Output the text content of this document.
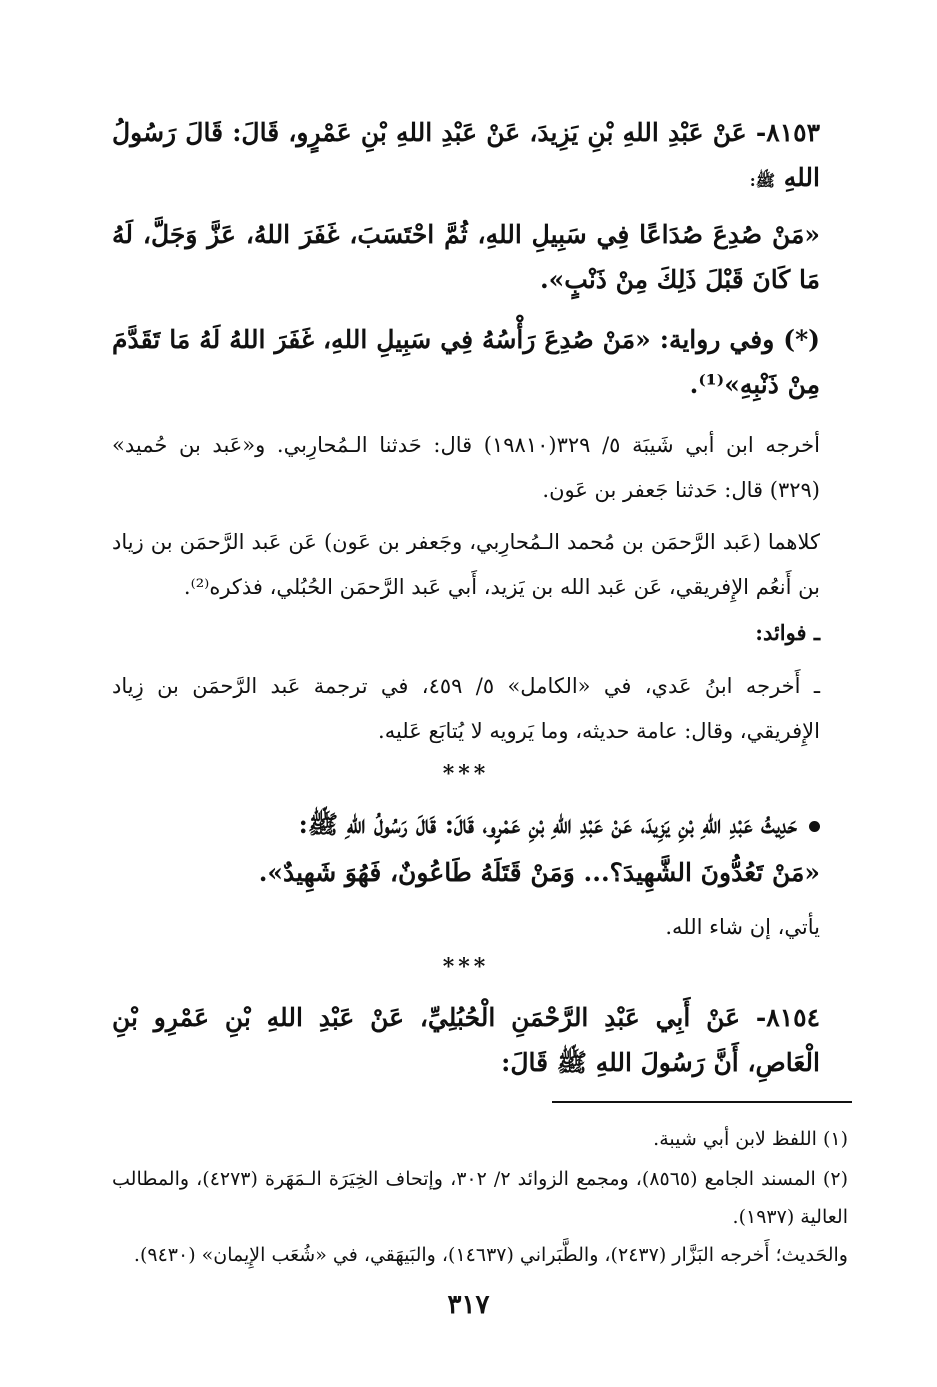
٨١٥٣- عَنْ عَبْدِ اللهِ بْنِ يَزِيدَ، عَنْ عَبْدِ اللهِ بْنِ عَمْرٍو، قَالَ: قَالَ رَسُولُ اللهِ ﷺ:
«مَنْ صُدِعَ صُدَاعًا فِي سَبِيلِ اللهِ، ثُمَّ احْتَسَبَ، غَفَرَ اللهُ، عَزَّ وَجَلَّ، لَهُ مَا كَانَ قَبْلَ ذَلِكَ مِنْ ذَنْبٍ».
(*) وفي رواية: «مَنْ صُدِعَ رَأْسُهُ فِي سَبِيلِ اللهِ، غَفَرَ اللهُ لَهُ مَا تَقَدَّمَ مِنْ ذَنْبِهِ»⁽¹⁾.
أخرجه ابن أبي شَيبَة ٥/ ٣٢٩(١٩٨١٠) قال: حَدثنا الـمُحارِبي. و«عَبد بن حُميد» (٣٢٩) قال: حَدثنا جَعفر بن عَون.
كلاهما (عَبد الرَّحمَن بن مُحمد الـمُحارِبي، وجَعفر بن عَون) عَن عَبد الرَّحمَن بن زياد بن أَنعُم الإِفريقي، عَن عَبد الله بن يَزيد، أَبي عَبد الرَّحمَن الحُبُلي، فذكره⁽²⁾.
ـ فوائد:
ـ أَخرجه ابنُ عَدي، في «الكامل» ٥/ ٤٥٩، في ترجمة عَبد الرَّحمَن بن زِياد الإِفريقي، وقال: عامة حديثه، وما يَرويه لا يُتابَع عَليه.
***
حَدِيثُ عَبْدِ اللهِ بْنِ يَزِيدَ، عَنْ عَبْدِ اللهِ بْنِ عَمْرٍو، قَالَ: قَالَ رَسُولُ اللهِ ﷺ:
«مَنْ تَعُدُّونَ الشَّهِيدَ؟... وَمَنْ قَتَلَهُ طَاعُونٌ، فَهُوَ شَهِيدٌ».
يأتي، إن شاء الله.
***
٨١٥٤- عَنْ أَبِي عَبْدِ الرَّحْمَنِ الْحُبُلِيِّ، عَنْ عَبْدِ اللهِ بْنِ عَمْرِو بْنِ الْعَاصِ، أَنَّ رَسُولَ اللهِ ﷺ قَالَ:
(١) اللفظ لابن أبي شيبة.
(٢) المسند الجامع (٨٥٦٥)، ومجمع الزوائد ٢/ ٣٠٢، وإتحاف الخِيَرَة الـمَهَرة (٤٢٧٣)، والمطالب العالية (١٩٣٧).
والحَديث؛ أَخرجه البَزَّار (٢٤٣٧)، والطَّبَراني (١٤٦٣٧)، والبَيهَقي، في «شُعَب الإِيمان» (٩٤٣٠).
٣١٧
